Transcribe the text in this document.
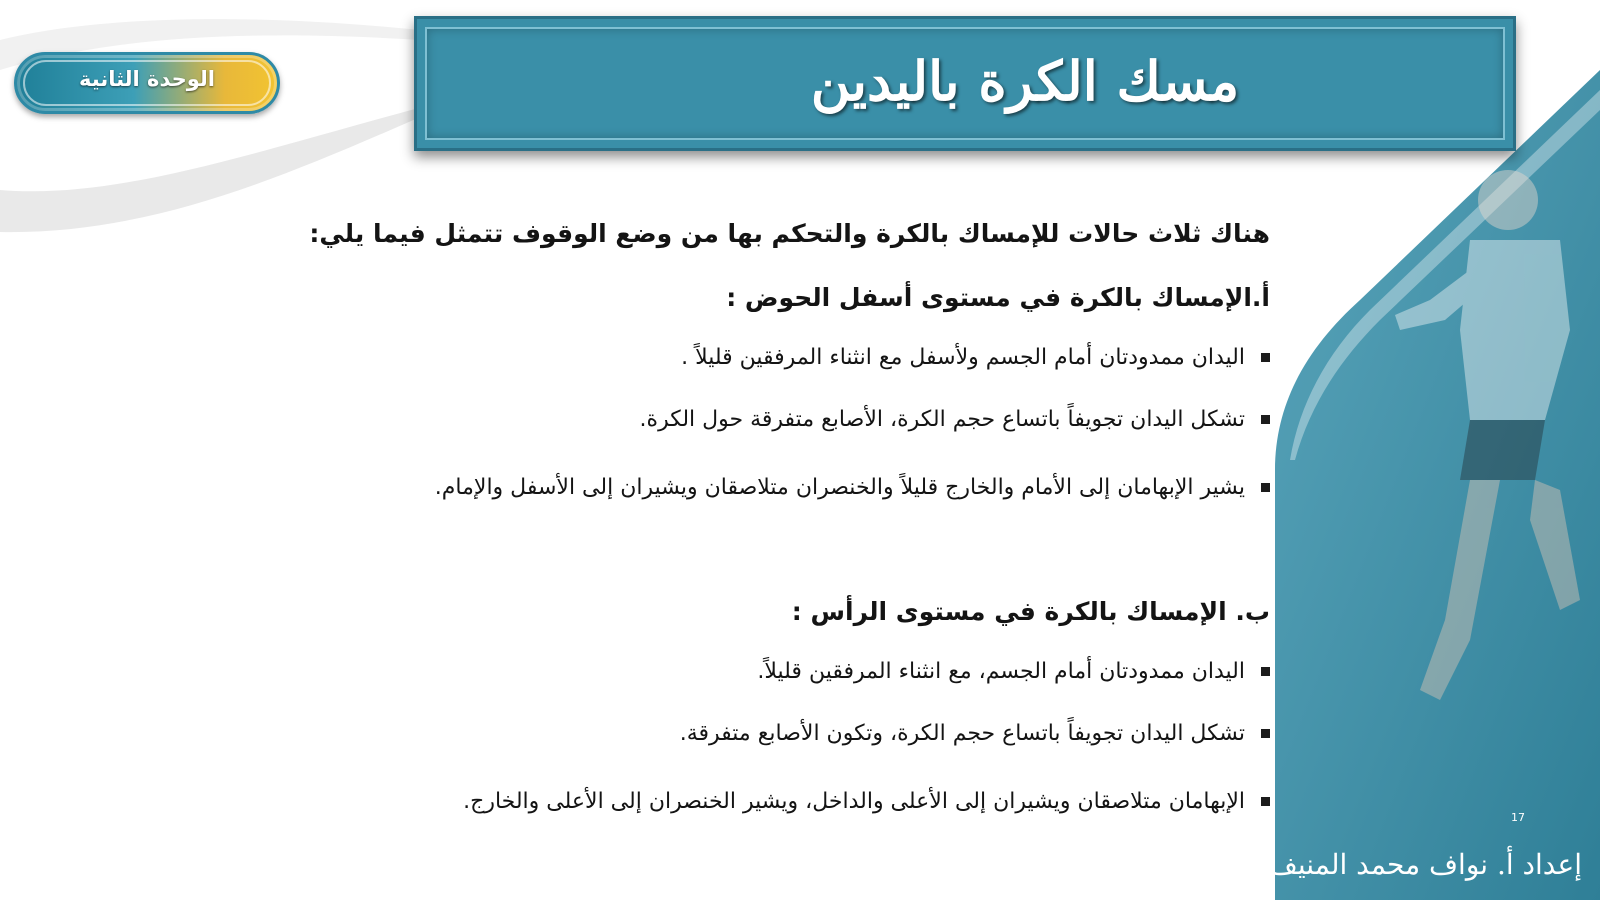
الوحدة الثانية	مسك الكرة باليدين
هناك ثلاث حالات للإمساك بالكرة والتحكم بها من وضع الوقوف تتمثل فيما يلي:
أ.الإمساك بالكرة في مستوى أسفل الحوض :
اليدان ممدودتان أمام الجسم ولأسفل مع انثناء المرفقين قليلاً .
تشكل اليدان تجويفاً باتساع حجم الكرة، الأصابع متفرقة حول الكرة.
يشير الإبهامان إلى الأمام والخارج قليلاً والخنصران متلاصقان ويشيران إلى الأسفل والإمام.
ب. الإمساك بالكرة في مستوى الرأس :
اليدان ممدودتان أمام الجسم، مع انثناء المرفقين قليلاً.
تشكل اليدان تجويفاً باتساع حجم الكرة، وتكون الأصابع متفرقة.
الإبهامان متلاصقان ويشيران إلى الأعلى والداخل، ويشير الخنصران إلى الأعلى والخارج.
17
إعداد أ. نواف محمد المنيف
